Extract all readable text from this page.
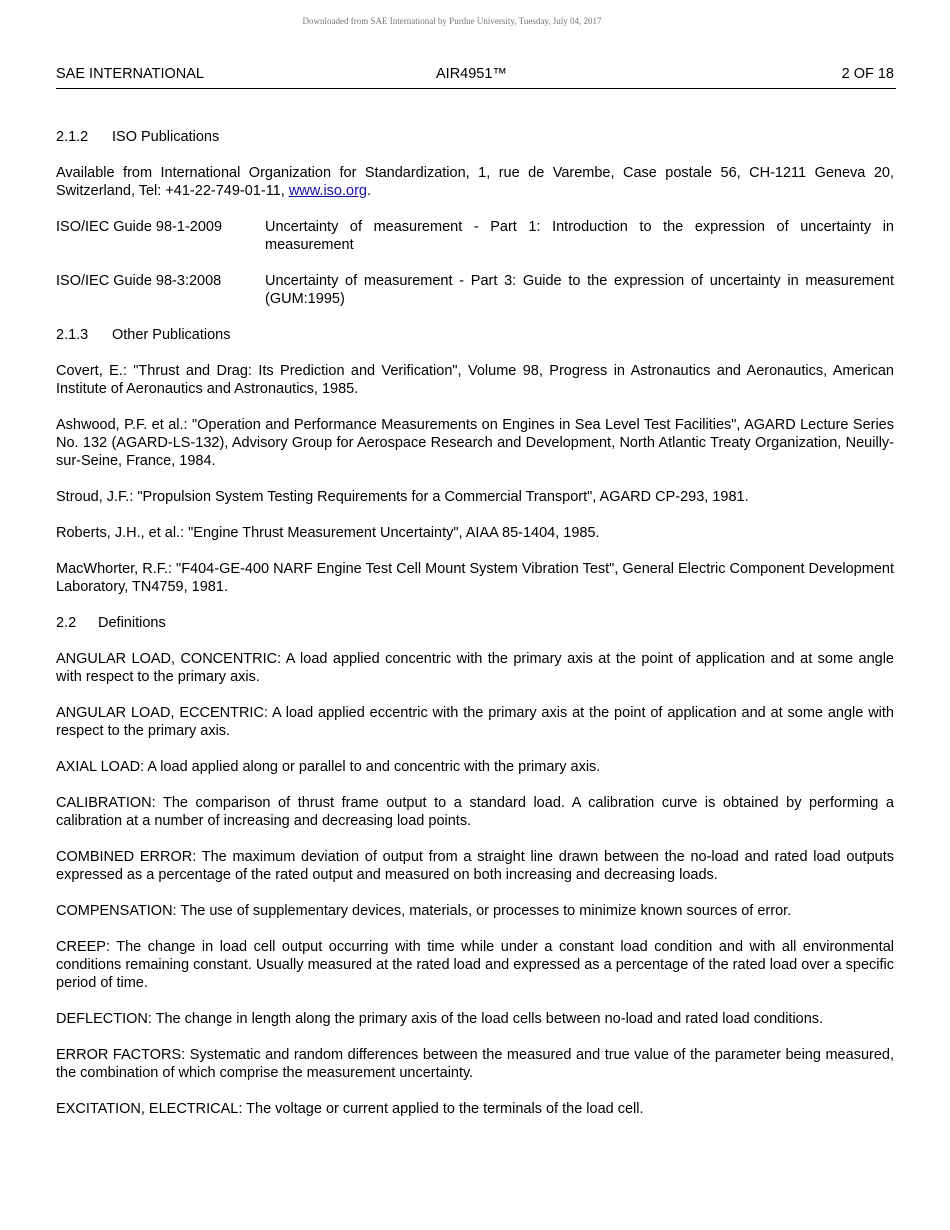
Downloaded from SAE International by Purdue University, Tuesday, July 04, 2017
SAE INTERNATIONAL	AIR4951™	2 OF 18

2.1.2	ISO Publications

Available from International Organization for Standardization, 1, rue de Varembe, Case postale 56, CH-1211 Geneva 20, Switzerland, Tel: +41-22-749-01-11, www.iso.org.

ISO/IEC Guide 98-1-2009	Uncertainty of measurement - Part 1: Introduction to the expression of uncertainty in measurement
ISO/IEC Guide 98-3:2008	Uncertainty of measurement - Part 3: Guide to the expression of uncertainty in measurement (GUM:1995)

2.1.3	Other Publications

Covert, E.: "Thrust and Drag: Its Prediction and Verification", Volume 98, Progress in Astronautics and Aeronautics, American Institute of Aeronautics and Astronautics, 1985.

Ashwood, P.F. et al.: "Operation and Performance Measurements on Engines in Sea Level Test Facilities", AGARD Lecture Series No. 132 (AGARD-LS-132), Advisory Group for Aerospace Research and Development, North Atlantic Treaty Organization, Neuilly-sur-Seine, France, 1984.

Stroud, J.F.: "Propulsion System Testing Requirements for a Commercial Transport", AGARD CP-293, 1981.

Roberts, J.H., et al.: "Engine Thrust Measurement Uncertainty", AIAA 85-1404, 1985.

MacWhorter, R.F.: "F404-GE-400 NARF Engine Test Cell Mount System Vibration Test", General Electric Component Development Laboratory, TN4759, 1981.

2.2	Definitions

ANGULAR LOAD, CONCENTRIC: A load applied concentric with the primary axis at the point of application and at some angle with respect to the primary axis.

ANGULAR LOAD, ECCENTRIC: A load applied eccentric with the primary axis at the point of application and at some angle with respect to the primary axis.

AXIAL LOAD: A load applied along or parallel to and concentric with the primary axis.

CALIBRATION: The comparison of thrust frame output to a standard load. A calibration curve is obtained by performing a calibration at a number of increasing and decreasing load points.

COMBINED ERROR: The maximum deviation of output from a straight line drawn between the no-load and rated load outputs expressed as a percentage of the rated output and measured on both increasing and decreasing loads.

COMPENSATION: The use of supplementary devices, materials, or processes to minimize known sources of error.

CREEP: The change in load cell output occurring with time while under a constant load condition and with all environmental conditions remaining constant. Usually measured at the rated load and expressed as a percentage of the rated load over a specific period of time.

DEFLECTION: The change in length along the primary axis of the load cells between no-load and rated load conditions.

ERROR FACTORS: Systematic and random differences between the measured and true value of the parameter being measured, the combination of which comprise the measurement uncertainty.

EXCITATION, ELECTRICAL: The voltage or current applied to the terminals of the load cell.
